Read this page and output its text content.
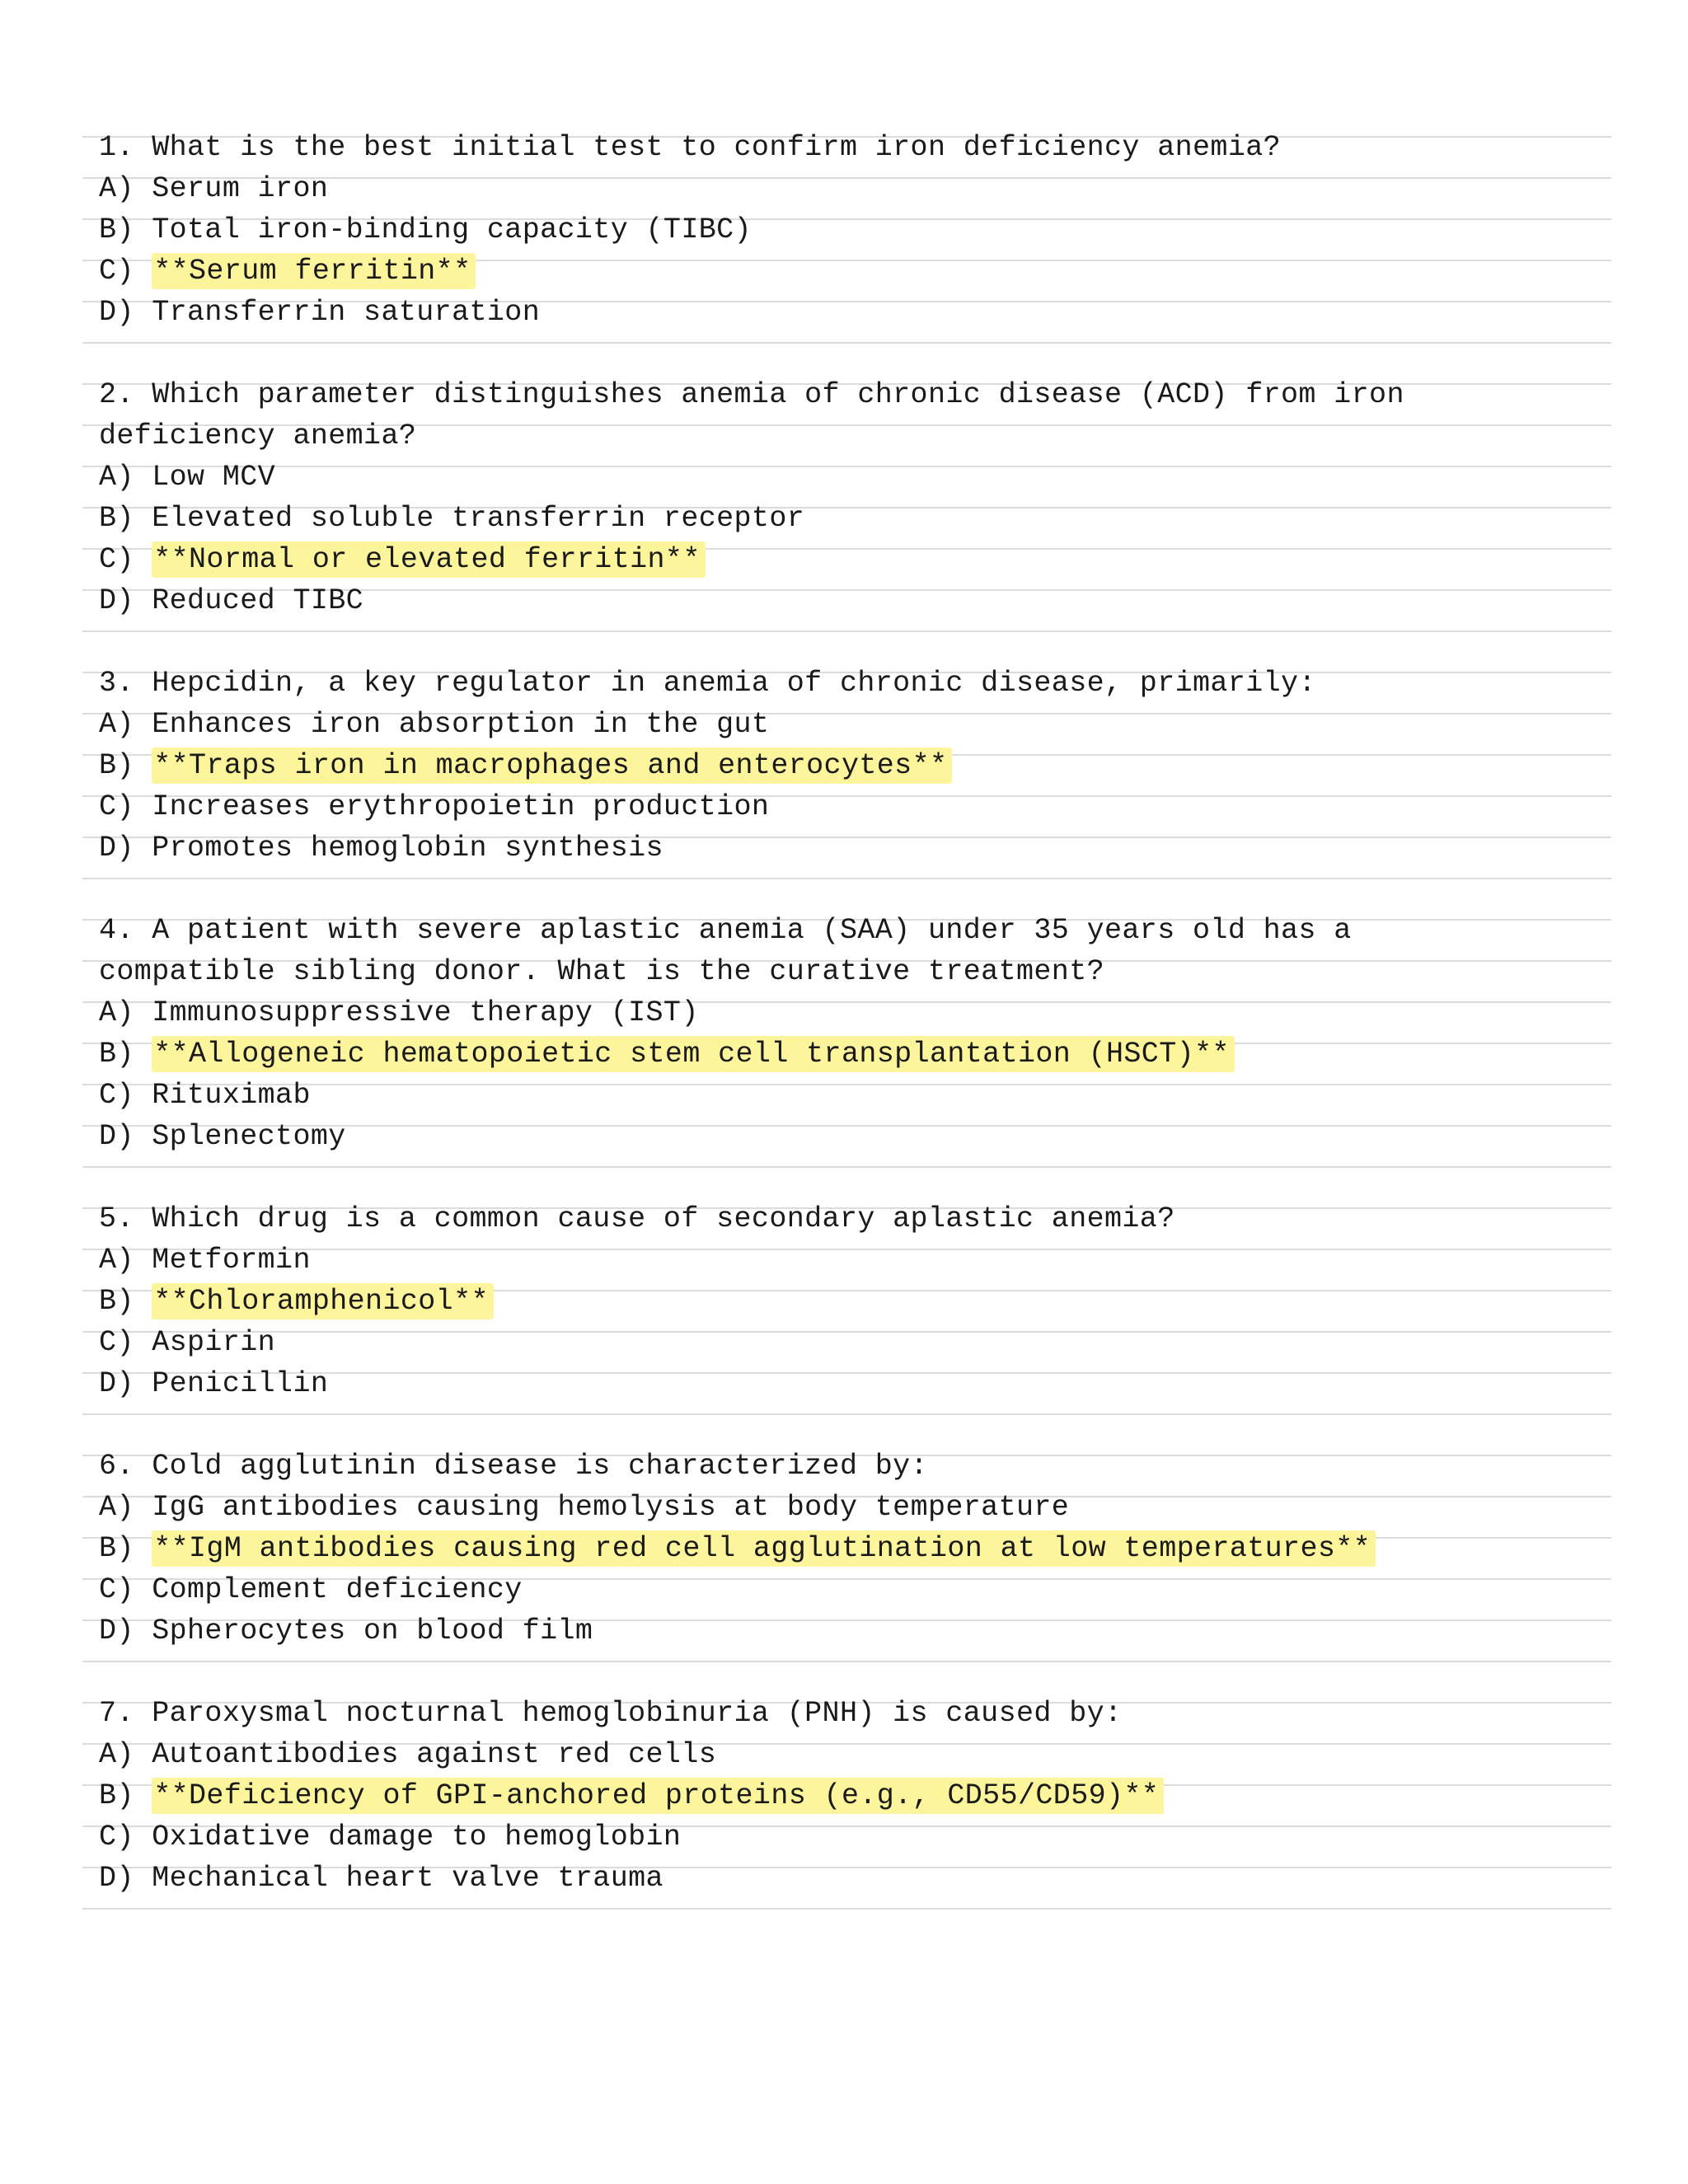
1. What is the best initial test to confirm iron deficiency anemia?
A) Serum iron
B) Total iron-binding capacity (TIBC)
C) **Serum ferritin**
D) Transferrin saturation
2. Which parameter distinguishes anemia of chronic disease (ACD) from iron
deficiency anemia?
A) Low MCV
B) Elevated soluble transferrin receptor
C) **Normal or elevated ferritin**
D) Reduced TIBC
3. Hepcidin, a key regulator in anemia of chronic disease, primarily:
A) Enhances iron absorption in the gut
B) **Traps iron in macrophages and enterocytes**
C) Increases erythropoietin production
D) Promotes hemoglobin synthesis
4. A patient with severe aplastic anemia (SAA) under 35 years old has a
compatible sibling donor. What is the curative treatment?
A) Immunosuppressive therapy (IST)
B) **Allogeneic hematopoietic stem cell transplantation (HSCT)**
C) Rituximab
D) Splenectomy
5. Which drug is a common cause of secondary aplastic anemia?
A) Metformin
B) **Chloramphenicol**
C) Aspirin
D) Penicillin
6. Cold agglutinin disease is characterized by:
A) IgG antibodies causing hemolysis at body temperature
B) **IgM antibodies causing red cell agglutination at low temperatures**
C) Complement deficiency
D) Spherocytes on blood film
7. Paroxysmal nocturnal hemoglobinuria (PNH) is caused by:
A) Autoantibodies against red cells
B) **Deficiency of GPI-anchored proteins (e.g., CD55/CD59)**
C) Oxidative damage to hemoglobin
D) Mechanical heart valve trauma
